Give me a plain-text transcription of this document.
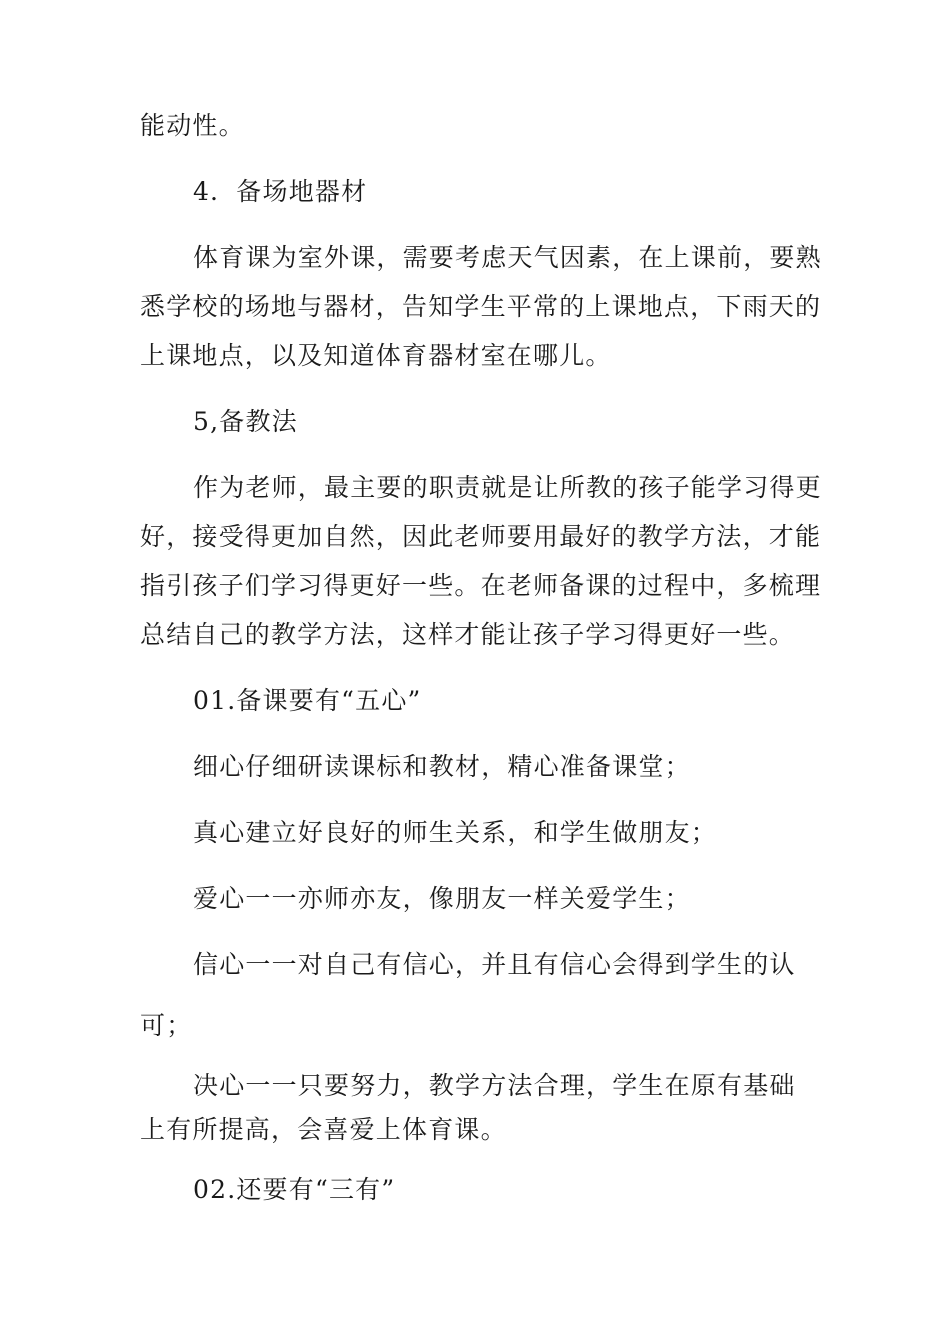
能动性。
4．备场地器材
体育课为室外课，需要考虑天气因素，在上课前，要熟
悉学校的场地与器材，告知学生平常的上课地点，下雨天的
上课地点，以及知道体育器材室在哪儿。
5,备教法
作为老师，最主要的职责就是让所教的孩子能学习得更
好，接受得更加自然，因此老师要用最好的教学方法，才能
指引孩子们学习得更好一些。在老师备课的过程中，多梳理
总结自己的教学方法，这样才能让孩子学习得更好一些。
01.备课要有“五心”
细心仔细研读课标和教材，精心准备课堂；
真心建立好良好的师生关系，和学生做朋友；
爱心一一亦师亦友，像朋友一样关爱学生；
信心一一对自己有信心，并且有信心会得到学生的认
可；
决心一一只要努力，教学方法合理，学生在原有基础
上有所提高，会喜爱上体育课。
02.还要有“三有”
